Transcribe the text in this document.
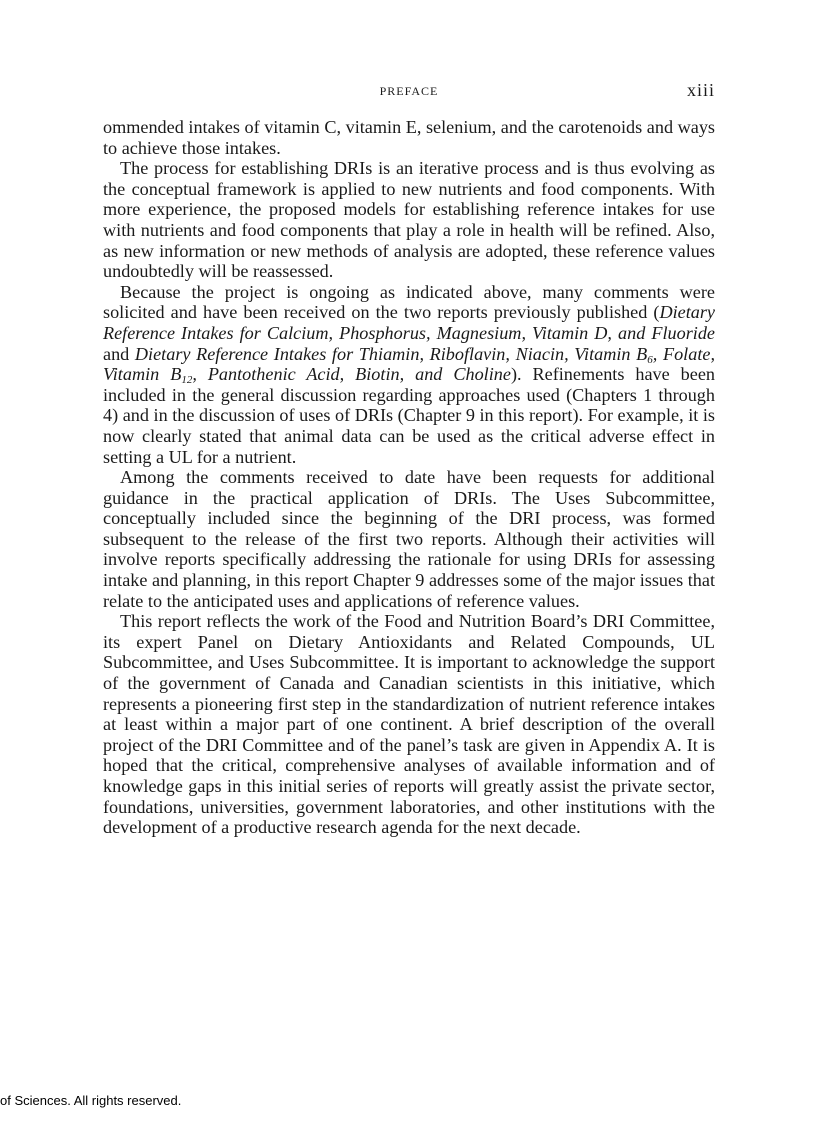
PREFACE	xiii

ommended intakes of vitamin C, vitamin E, selenium, and the carotenoids and ways to achieve those intakes.

The process for establishing DRIs is an iterative process and is thus evolving as the conceptual framework is applied to new nutrients and food components. With more experience, the proposed models for establishing reference intakes for use with nutrients and food components that play a role in health will be refined. Also, as new information or new methods of analysis are adopted, these reference values undoubtedly will be reassessed.

Because the project is ongoing as indicated above, many comments were solicited and have been received on the two reports previously published (Dietary Reference Intakes for Calcium, Phosphorus, Magnesium, Vitamin D, and Fluoride and Dietary Reference Intakes for Thiamin, Riboflavin, Niacin, Vitamin $B_6$, Folate, Vitamin $B_{12}$, Pantothenic Acid, Biotin, and Choline). Refinements have been included in the general discussion regarding approaches used (Chapters 1 through 4) and in the discussion of uses of DRIs (Chapter 9 in this report). For example, it is now clearly stated that animal data can be used as the critical adverse effect in setting a UL for a nutrient.

Among the comments received to date have been requests for additional guidance in the practical application of DRIs. The Uses Subcommittee, conceptually included since the beginning of the DRI process, was formed subsequent to the release of the first two reports. Although their activities will involve reports specifically addressing the rationale for using DRIs for assessing intake and planning, in this report Chapter 9 addresses some of the major issues that relate to the anticipated uses and applications of reference values.

This report reflects the work of the Food and Nutrition Board’s DRI Committee, its expert Panel on Dietary Antioxidants and Related Compounds, UL Subcommittee, and Uses Subcommittee. It is important to acknowledge the support of the government of Canada and Canadian scientists in this initiative, which represents a pioneering first step in the standardization of nutrient reference intakes at least within a major part of one continent. A brief description of the overall project of the DRI Committee and of the panel’s task are given in Appendix A. It is hoped that the critical, comprehensive analyses of available information and of knowledge gaps in this initial series of reports will greatly assist the private sector, foundations, universities, government laboratories, and other institutions with the development of a productive research agenda for the next decade.

of Sciences. All rights reserved.
